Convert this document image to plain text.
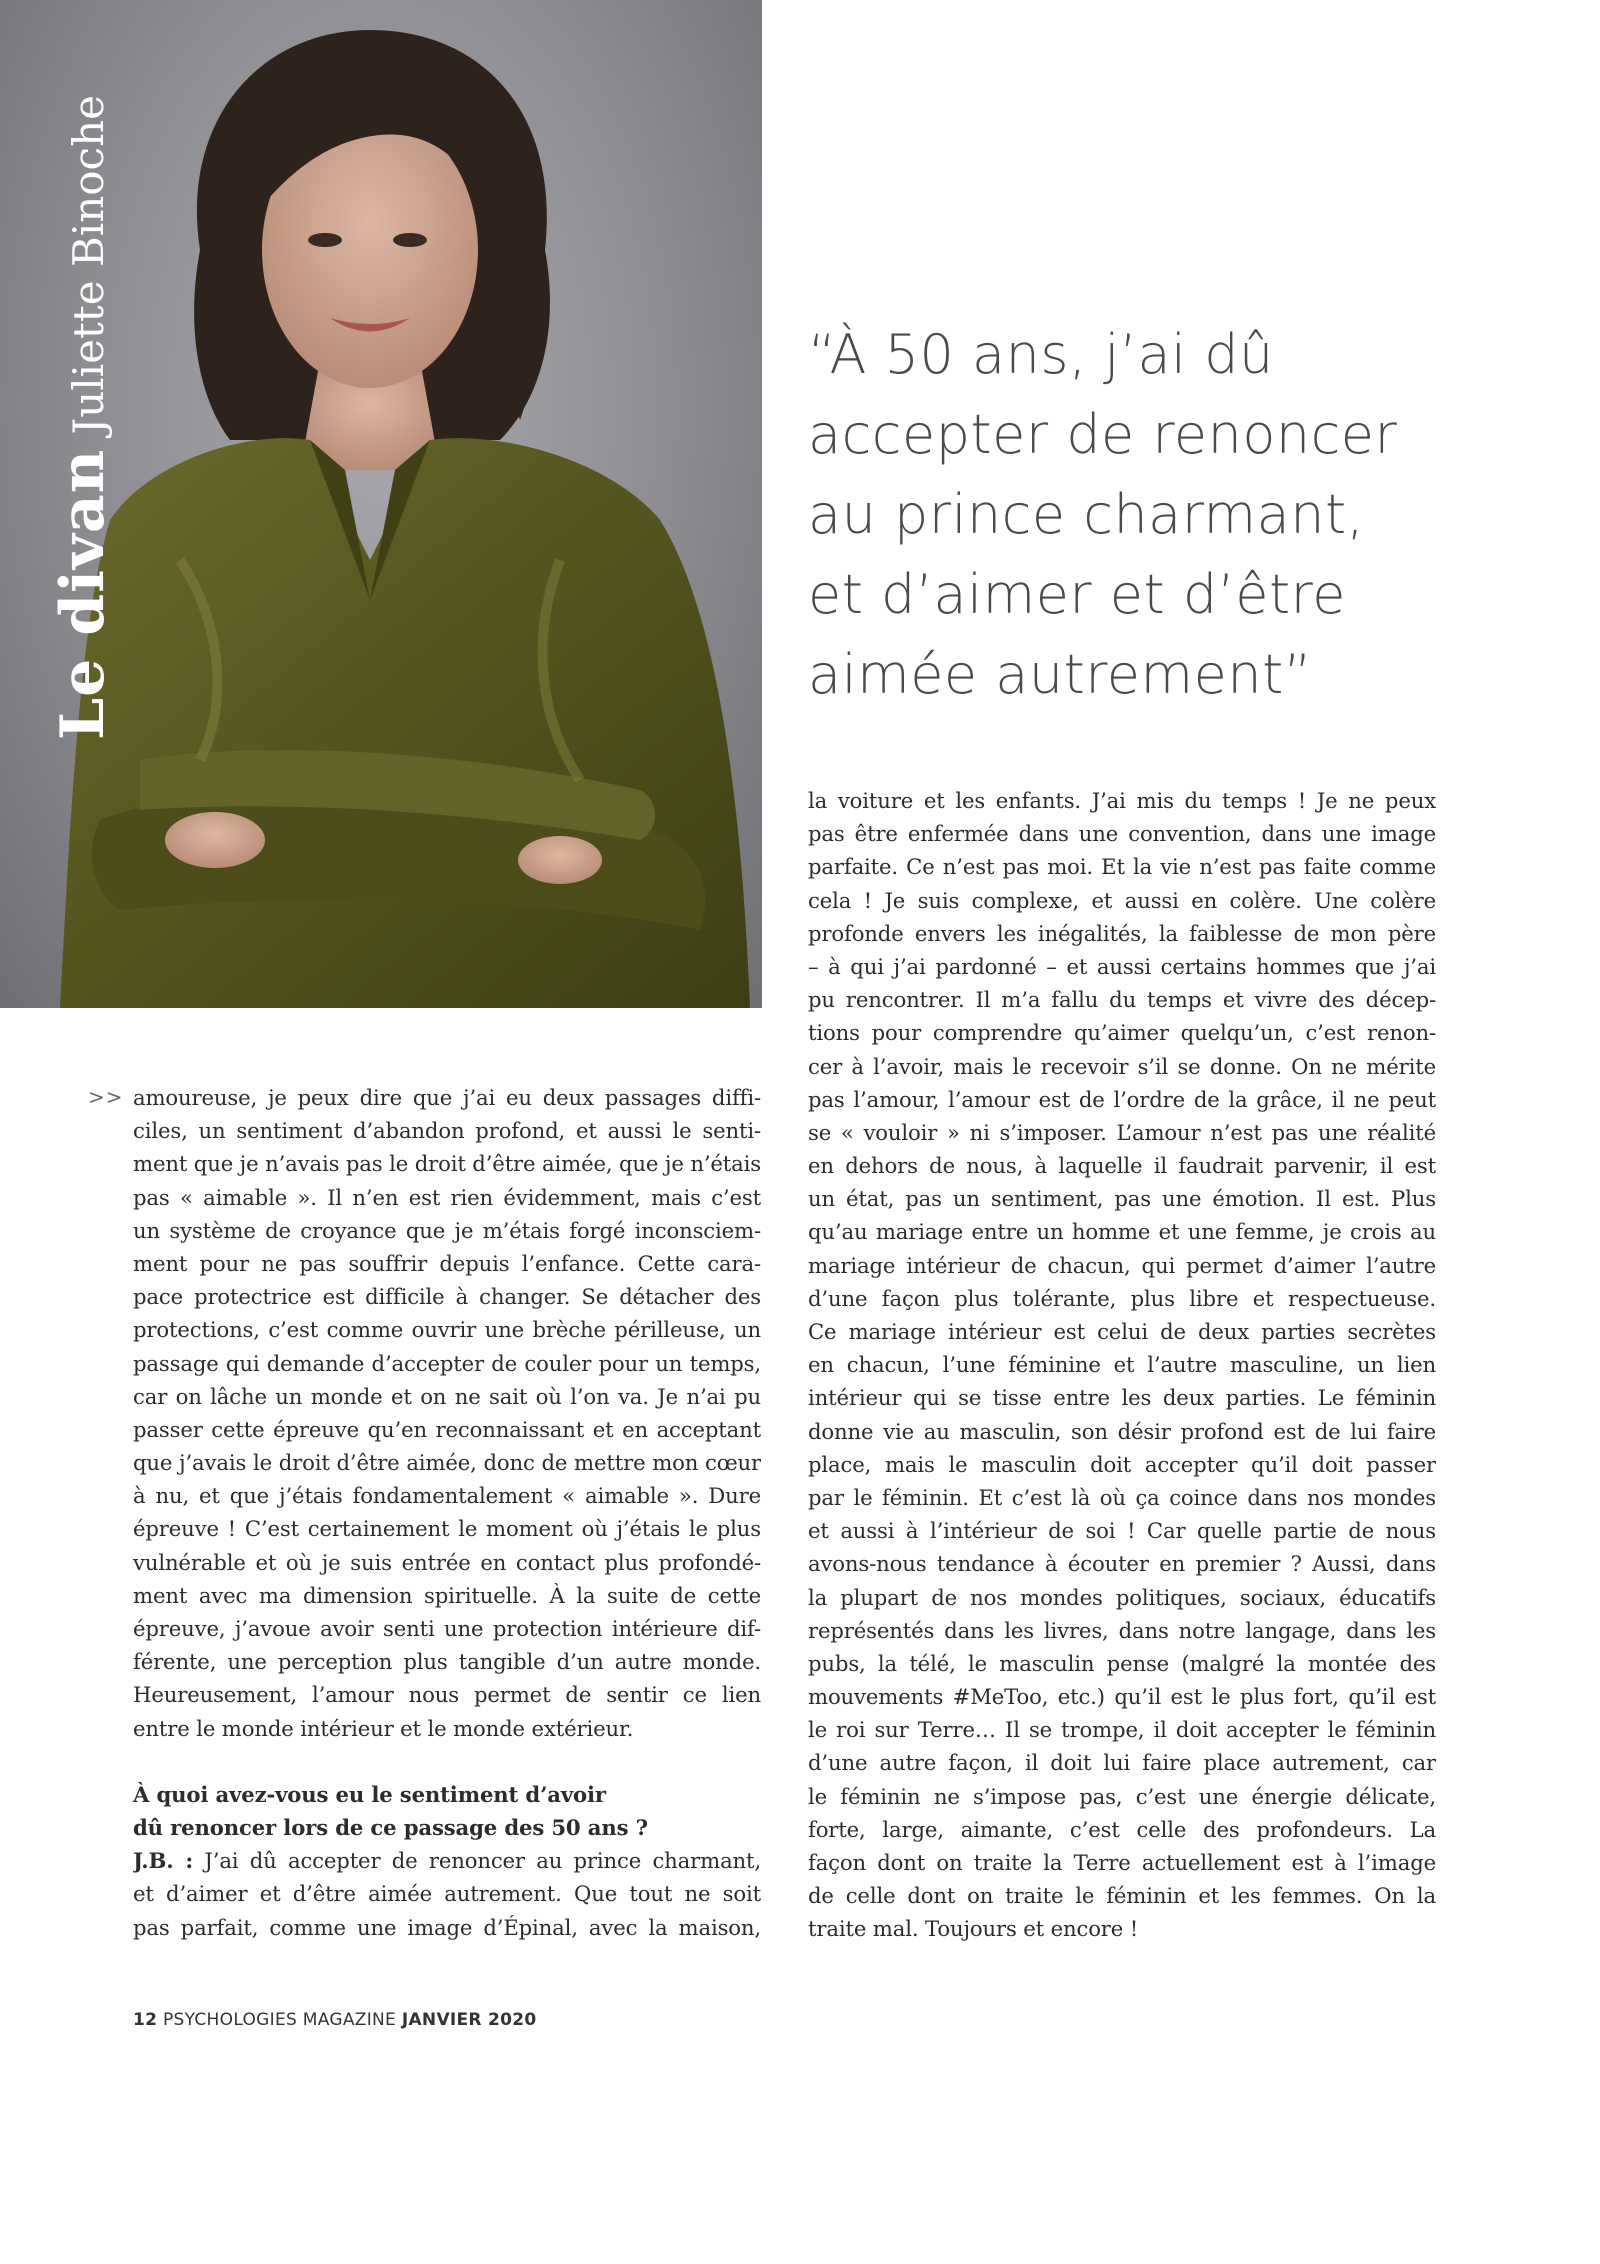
Le divanJuliette Binoche	“À 50 ans, j’ai dû
accepter de renoncer
au prince charmant,
et d’aimer et d’être
aimée autrement”
>> amoureuse, je peux dire que j’ai eu deux passages diffi-
ciles, un sentiment d’abandon profond, et aussi le senti-
ment que je n’avais pas le droit d’être aimée, que je n’étais
pas « aimable ». Il n’en est rien évidemment, mais c’est
un système de croyance que je m’étais forgé inconsciem-
ment pour ne pas souffrir depuis l’enfance. Cette cara-
pace protectrice est difficile à changer. Se détacher des
protections, c’est comme ouvrir une brèche périlleuse, un
passage qui demande d’accepter de couler pour un temps,
car on lâche un monde et on ne sait où l’on va. Je n’ai pu
passer cette épreuve qu’en reconnaissant et en acceptant
que j’avais le droit d’être aimée, donc de mettre mon cœur
à nu, et que j’étais fondamentalement « aimable ». Dure
épreuve ! C’est certainement le moment où j’étais le plus
vulnérable et où je suis entrée en contact plus profondé-
ment avec ma dimension spirituelle. À la suite de cette
épreuve, j’avoue avoir senti une protection intérieure dif-
férente, une perception plus tangible d’un autre monde.
Heureusement, l’amour nous permet de sentir ce lien
entre le monde intérieur et le monde extérieur.
À quoi avez-vous eu le sentiment d’avoir
dû renoncer lors de ce passage des 50 ans ?
J.B. : J’ai dû accepter de renoncer au prince charmant,
et d’aimer et d’être aimée autrement. Que tout ne soit
pas parfait, comme une image d’Épinal, avec la maison,
la voiture et les enfants. J’ai mis du temps ! Je ne peux
pas être enfermée dans une convention, dans une image
parfaite. Ce n’est pas moi. Et la vie n’est pas faite comme
cela ! Je suis complexe, et aussi en colère. Une colère
profonde envers les inégalités, la faiblesse de mon père
– à qui j’ai pardonné – et aussi certains hommes que j’ai
pu rencontrer. Il m’a fallu du temps et vivre des décep-
tions pour comprendre qu’aimer quelqu’un, c’est renon-
cer à l’avoir, mais le recevoir s’il se donne. On ne mérite
pas l’amour, l’amour est de l’ordre de la grâce, il ne peut
se « vouloir » ni s’imposer. L’amour n’est pas une réalité
en dehors de nous, à laquelle il faudrait parvenir, il est
un état, pas un sentiment, pas une émotion. Il est. Plus
qu’au mariage entre un homme et une femme, je crois au
mariage intérieur de chacun, qui permet d’aimer l’autre
d’une façon plus tolérante, plus libre et respectueuse.
Ce mariage intérieur est celui de deux parties secrètes
en chacun, l’une féminine et l’autre masculine, un lien
intérieur qui se tisse entre les deux parties. Le féminin
donne vie au masculin, son désir profond est de lui faire
place, mais le masculin doit accepter qu’il doit passer
par le féminin. Et c’est là où ça coince dans nos mondes
et aussi à l’intérieur de soi ! Car quelle partie de nous
avons-nous tendance à écouter en premier ? Aussi, dans
la plupart de nos mondes politiques, sociaux, éducatifs
représentés dans les livres, dans notre langage, dans les
pubs, la télé, le masculin pense (malgré la montée des
mouvements #MeToo, etc.) qu’il est le plus fort, qu’il est
le roi sur Terre… Il se trompe, il doit accepter le féminin
d’une autre façon, il doit lui faire place autrement, car
le féminin ne s’impose pas, c’est une énergie délicate,
forte, large, aimante, c’est celle des profondeurs. La
façon dont on traite la Terre actuellement est à l’image
de celle dont on traite le féminin et les femmes. On la
traite mal. Toujours et encore !
12 PSYCHOLOGIES MAGAZINE JANVIER 2020
